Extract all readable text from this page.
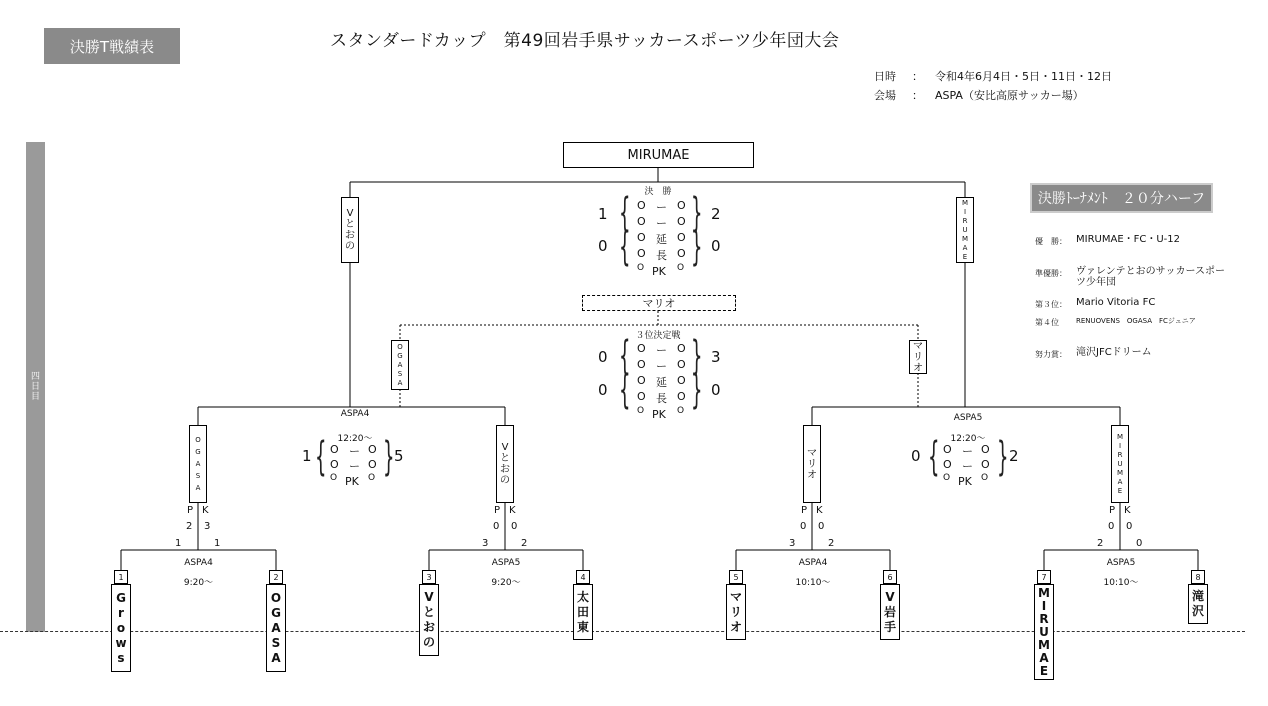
決勝T戦績表	スタンダードカップ　第49回岩手県サッカースポーツ少年団大会
日時 ： 令和4年6月4日・5日・11日・12日
会場 ： ASPA（安比高原サッカー場）
四
日
目
MIRUMAE
決　勝
V
と
お
の
M
I
R
U
M
A
E
1
0
2
0
{
{
}
}
O ー O
O ー O
O 延 O
O 長 O
O PK O
マリオ
３位決定戦
O
G
A
S
A
マ
リ
オ
0
0
3
0
{
{
}
}
O ー O
O ー O
O 延 O
O 長 O
O PK O
ASPA4
12:20～
O
G
A
S
A
V
と
お
の
1	5
{ }
O ー O
O ー O
O PK O
ASPA5
12:20～
マ
リ
オ
M
I
R
U
M
A
E
0	2
{ }
O ー O
O ー O
O PK O
ASPA4
9:20～
P K
2 3
1	1
1	2
G
r
o
w
s
O
G
A
S
A
ASPA5
9:20～
P K
0 0
3	2
3	4
V
と
お
の
太
田
東
ASPA4
10:10～
P K
0 0
3	2
5	6
マ
リ
オ
V
岩
手
ASPA5
10:10～
P K
0 0
2	0
7	8
M
I
R
U
M
A
E
滝
沢
決勝ﾄｰﾅﾒﾝﾄ　２０分ハーフ
優　勝： MIRUMAE・FC・U-12
準優勝： ヴァレンテとおのサッカースポーツ少年団
第３位： Mario Vitoria FC
第４位 RENUOVENS　OGASA　FCジュニア
努力賞： 滝沢JFCドリーム
